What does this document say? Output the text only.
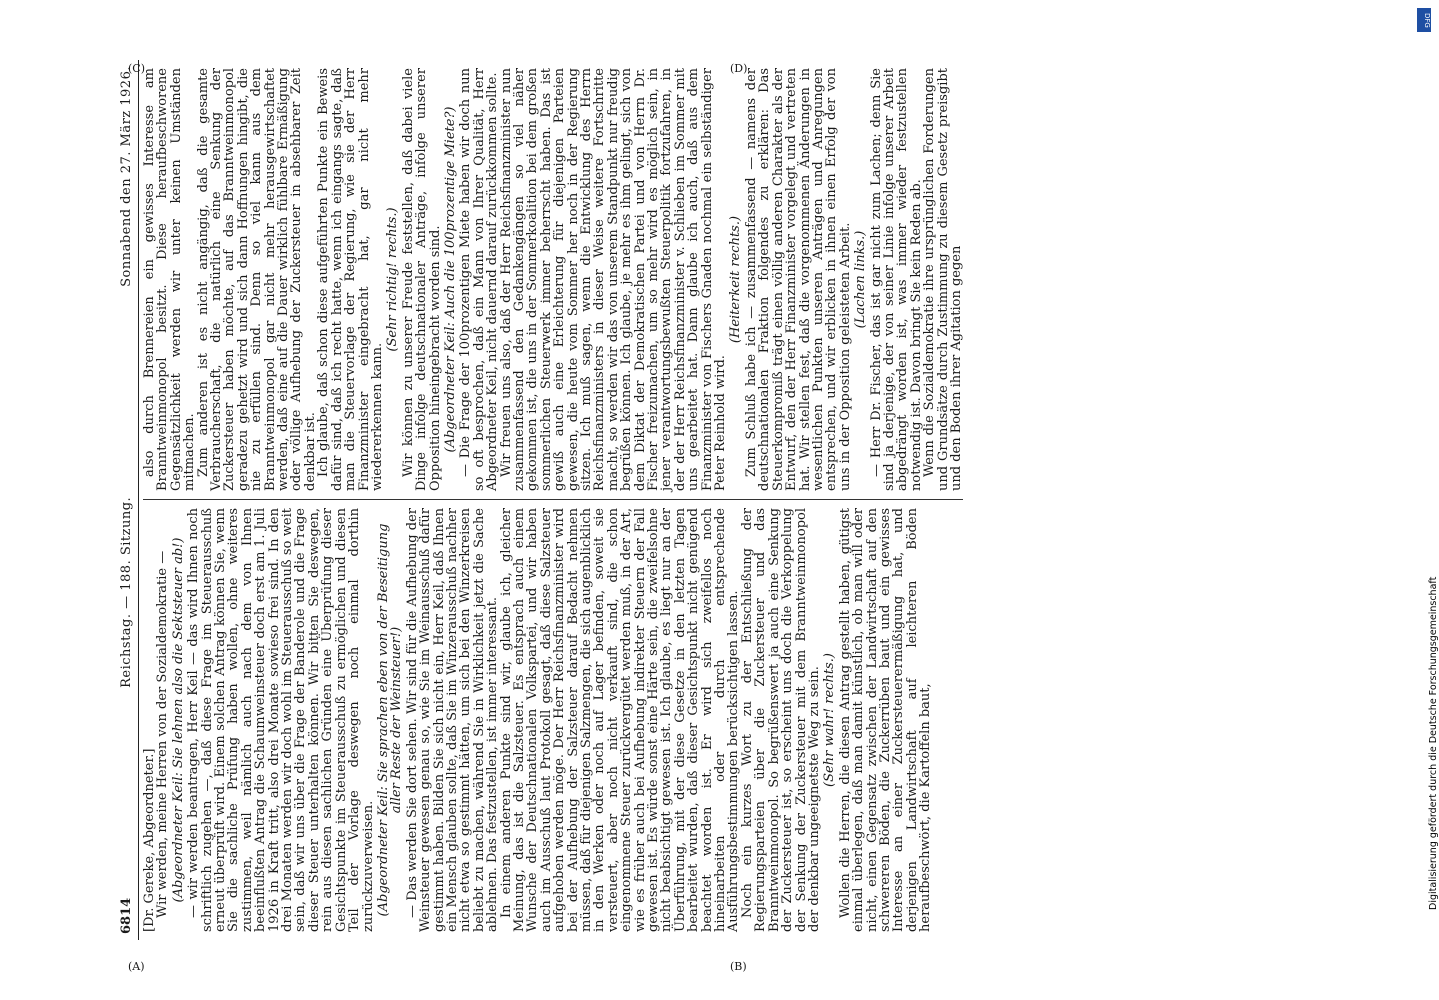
6814
Reichstag. — 188. Sitzung.
Sonnabend den 27. März 1926.

[Dr. Gereke, Abgeordneter.]

Wir werden, meine Herren von der Sozialdemokratie — (Abgeordneter Keil: Sie lehnen also die Sektsteuer ab!) — wir werden beantragen, Herr Keil — das wird Ihnen noch schriftlich zugehen —, daß diese Frage im Steuerausschuß erneut überprüft wird. Einem solchen Antrag können Sie, wenn Sie die sachliche Prüfung haben wollen, ohne weiteres zustimmen, weil nämlich auch nach dem von Ihnen beeinflußten Antrag die Schaumweinsteuer doch erst am 1. Juli 1926 in Kraft tritt, also drei Monate sowieso frei sind. In den drei Monaten werden wir doch wohl im Steuerausschuß so weit sein, daß wir uns über die Frage der Banderole und die Frage dieser Steuer unterhalten können. Wir bitten Sie deswegen, rein aus diesen sachlichen Gründen eine Überprüfung dieser Gesichtspunkte im Steuerausschuß zu ermöglichen und diesen Teil der Vorlage deswegen noch einmal dorthin zurückzuverweisen. (Abgeordneter Keil: Sie sprachen eben von der Beseitigung aller Reste der Weinsteuer!) — Das werden Sie dort sehen. Wir sind für die Aufhebung der Weinsteuer gewesen genau so, wie Sie im Weinausschuß dafür gestimmt haben. Bilden Sie sich nicht ein, Herr Keil, daß Ihnen ein Mensch glauben sollte, daß Sie im Winzerausschuß nachher nicht etwa so gestimmt hätten, um sich bei den Winzerkreisen beliebt zu machen, während Sie in Wirklichkeit jetzt die Sache ablehnen. Das festzustellen, ist immer interessant.

In einem anderen Punkte sind wir, glaube ich, gleicher Meinung, das ist die Salzsteuer. Es entsprach auch einem Wunsche der Deutschnationalen Volkspartei, und wir haben auch im Ausschuß laut Protokoll gesagt, daß diese Salzsteuer aufgehoben werden möge. Der Herr Reichsfinanzminister wird bei der Aufhebung der Salzsteuer darauf Bedacht nehmen müssen, daß für diejenigen Salzmengen, die sich augenblicklich in den Werken oder noch auf Lager befinden, soweit sie versteuert, aber noch nicht verkauft sind, die schon eingenommene Steuer zurückvergütet werden muß, in der Art, wie es früher auch bei Aufhebung indirekter Steuern der Fall gewesen ist. Es würde sonst eine Härte sein, die zweifelsohne nicht beabsichtigt gewesen ist. Ich glaube, es liegt nur an der Überführung, mit der diese Gesetze in den letzten Tagen bearbeitet wurden, daß dieser Gesichtspunkt nicht genügend beachtet worden ist. Er wird sich zweifellos noch hineinarbeiten oder durch entsprechende Ausführungsbestimmungen berücksichtigen lassen.

Noch ein kurzes Wort zu der Entschließung der Regierungsparteien über die Zuckersteuer und das Branntweinmonopol. So begrüßenswert ja auch eine Senkung der Zuckersteuer ist, so erscheint uns doch die Verkoppelung der Senkung der Zuckersteuer mit dem Branntweinmonopol der denkbar ungeeignetste Weg zu sein. (Sehr wahr! rechts.) Wollen die Herren, die diesen Antrag gestellt haben, gütigst einmal überlegen, daß man damit künstlich, ob man will oder nicht, einen Gegensatz zwischen der Landwirtschaft auf den schwereren Böden, die Zuckerrüben baut und ein gewisses Interesse an einer Zuckersteuerermäßigung hat, und derjenigen Landwirtschaft auf leichteren Böden heraufbeschwört, die Kartoffeln baut,

also durch Brennereien ein gewisses Interesse am Branntweinmonopol besitzt. Diese heraufbeschworene Gegensätzlichkeit werden wir unter keinen Umständen mitmachen.

Zum anderen ist es nicht angängig, daß die gesamte Verbraucherschaft, die natürlich eine Senkung der Zuckersteuer haben möchte, auf das Branntweinmonopol geradezu gehetzt wird und sich dann Hoffnungen hingibt, die nie zu erfüllen sind. Denn so viel kann aus dem Branntweinmonopol gar nicht mehr herausgewirtschaftet werden, daß eine auf die Dauer wirklich fühlbare Ermäßigung oder völlige Aufhebung der Zuckersteuer in absehbarer Zeit denkbar ist.

Ich glaube, daß schon diese aufgeführten Punkte ein Beweis dafür sind, daß ich recht hatte, wenn ich eingangs sagte, daß man die Steuervorlage der Regierung, wie sie der Herr Finanzminister eingebracht hat, gar nicht mehr wiedererkennen kann.

(Sehr richtig! rechts.) Wir können zu unserer Freude feststellen, daß dabei viele Dinge infolge deutschnationaler Anträge, infolge unserer Opposition hineingebracht worden sind. (Abgeordneter Keil: Auch die 100prozentige Miete?) — Die Frage der 100prozentigen Miete haben wir doch nun so oft besprochen, daß ein Mann von Ihrer Qualität, Herr Abgeordneter Keil, nicht dauernd darauf zurückkommen sollte.

Wir freuen uns also, daß der Herr Reichsfinanzminister nun zusammenfassend den Gedankengängen so viel näher gekommen ist, die uns in der Sommerkoalition bei dem großen sommerlichen Steuerwerk immer beherrscht haben. Das ist gewiß auch eine Erleichterung für diejenigen Parteien gewesen, die heute vom Sommer her noch in der Regierung sitzen. Ich muß sagen, wenn die Entwicklung des Herrn Reichsfinanzministers in dieser Weise weitere Fortschritte macht, so werden wir das von unserem Standpunkt nur freudig begrüßen können. Ich glaube, je mehr es ihm gelingt, sich von dem Diktat der Demokratischen Partei und von Herrn Dr. Fischer freizumachen, um so mehr wird es möglich sein, in jener verantwortungsbewußten Steuerpolitik fortzufahren, in der der Herr Reichsfinanzminister v. Schlieben im Sommer mit uns gearbeitet hat. Dann glaube ich auch, daß aus dem Finanzminister von Fischers Gnaden nochmal ein selbständiger Peter Reinhold wird.

(Heiterkeit rechts.) Zum Schluß habe ich — zusammenfassend — namens der deutschnationalen Fraktion folgendes zu erklären: Das Steuerkompromiß trägt einen völlig anderen Charakter als der Entwurf, den der Herr Finanzminister vorgelegt und vertreten hat. Wir stellen fest, daß die vorgenommenen Änderungen in wesentlichen Punkten unseren Anträgen und Anregungen entsprechen, und wir erblicken in ihnen einen Erfolg der von uns in der Opposition geleisteten Arbeit. (Lachen links.) — Herr Dr. Fischer, das ist gar nicht zum Lachen; denn Sie sind ja derjenige, der von seiner Linie infolge unserer Arbeit abgedrängt worden ist, was immer wieder festzustellen notwendig ist. Davon bringt Sie kein Reden ab.

Wenn die Sozialdemokratie ihre ursprünglichen Forderungen und Grundsätze durch Zustimmung zu diesem Gesetz preisgibt und den Boden ihrer Agitation gegen

(A)	(B)
(C)	(D)
DFG
Digitalisierung gefördert durch die Deutsche Forschungsgemeinschaft
